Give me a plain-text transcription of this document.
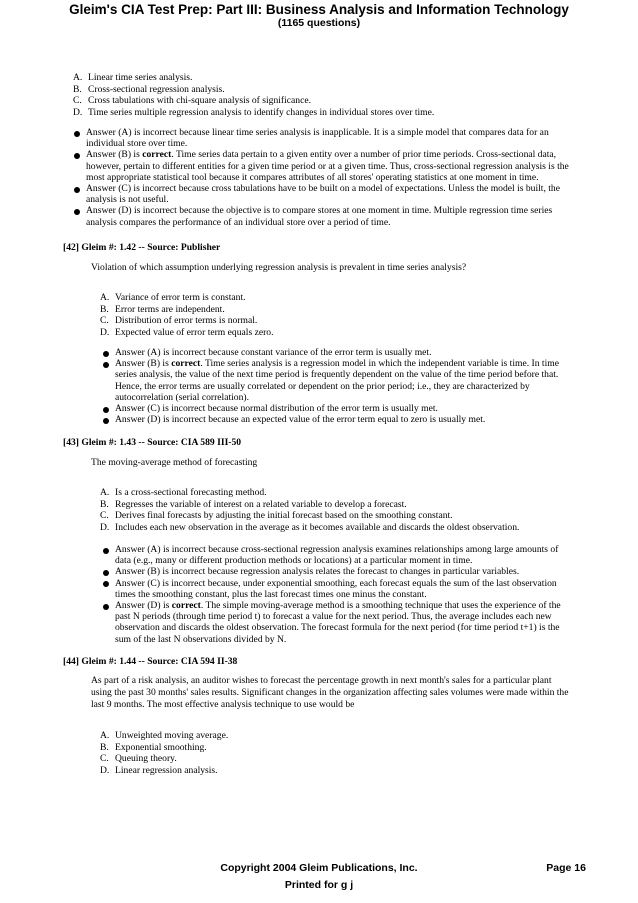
Gleim's CIA Test Prep: Part III: Business Analysis and Information Technology
(1165 questions)
A. Linear time series analysis.
B. Cross-sectional regression analysis.
C. Cross tabulations with chi-square analysis of significance.
D. Time series multiple regression analysis to identify changes in individual stores over time.
Answer (A) is incorrect because linear time series analysis is inapplicable. It is a simple model that compares data for an individual store over time.
Answer (B) is correct. Time series data pertain to a given entity over a number of prior time periods. Cross-sectional data, however, pertain to different entities for a given time period or at a given time. Thus, cross-sectional regression analysis is the most appropriate statistical tool because it compares attributes of all stores' operating statistics at one moment in time.
Answer (C) is incorrect because cross tabulations have to be built on a model of expectations. Unless the model is built, the analysis is not useful.
Answer (D) is incorrect because the objective is to compare stores at one moment in time. Multiple regression time series analysis compares the performance of an individual store over a period of time.
[42] Gleim #: 1.42 -- Source: Publisher
Violation of which assumption underlying regression analysis is prevalent in time series analysis?
A. Variance of error term is constant.
B. Error terms are independent.
C. Distribution of error terms is normal.
D. Expected value of error term equals zero.
Answer (A) is incorrect because constant variance of the error term is usually met.
Answer (B) is correct. Time series analysis is a regression model in which the independent variable is time. In time series analysis, the value of the next time period is frequently dependent on the value of the time period before that. Hence, the error terms are usually correlated or dependent on the prior period; i.e., they are characterized by autocorrelation (serial correlation).
Answer (C) is incorrect because normal distribution of the error term is usually met.
Answer (D) is incorrect because an expected value of the error term equal to zero is usually met.
[43] Gleim #: 1.43 -- Source: CIA 589 III-50
The moving-average method of forecasting
A. Is a cross-sectional forecasting method.
B. Regresses the variable of interest on a related variable to develop a forecast.
C. Derives final forecasts by adjusting the initial forecast based on the smoothing constant.
D. Includes each new observation in the average as it becomes available and discards the oldest observation.
Answer (A) is incorrect because cross-sectional regression analysis examines relationships among large amounts of data (e.g., many or different production methods or locations) at a particular moment in time.
Answer (B) is incorrect because regression analysis relates the forecast to changes in particular variables.
Answer (C) is incorrect because, under exponential smoothing, each forecast equals the sum of the last observation times the smoothing constant, plus the last forecast times one minus the constant.
Answer (D) is correct. The simple moving-average method is a smoothing technique that uses the experience of the past N periods (through time period t) to forecast a value for the next period. Thus, the average includes each new observation and discards the oldest observation. The forecast formula for the next period (for time period t+1) is the sum of the last N observations divided by N.
[44] Gleim #: 1.44 -- Source: CIA 594 II-38
As part of a risk analysis, an auditor wishes to forecast the percentage growth in next month's sales for a particular plant using the past 30 months' sales results. Significant changes in the organization affecting sales volumes were made within the last 9 months. The most effective analysis technique to use would be
A. Unweighted moving average.
B. Exponential smoothing.
C. Queuing theory.
D. Linear regression analysis.
Copyright 2004 Gleim Publications, Inc.
Printed for g j
Page 16
